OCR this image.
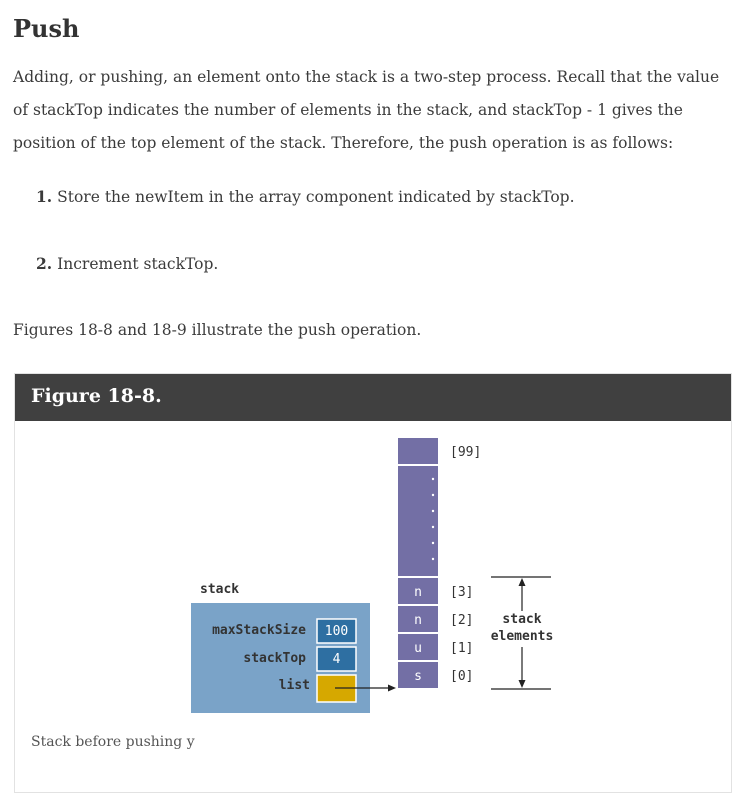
Push

Adding, or pushing, an element onto the stack is a two-step process. Recall that the value of stackTop indicates the number of elements in the stack, and stackTop - 1 gives the position of the top element of the stack. Therefore, the push operation is as follows:

1. Store the newItem in the array component indicated by stackTop.

2. Increment stackTop.

Figures 18-8 and 18-9 illustrate the push operation.

Figure 18-8.

stack
maxStackSize 100
stackTop 4
list
n
n
u
s
[99]
[3]
[2]
[1]
[0]
stack
elements

Stack before pushing y
